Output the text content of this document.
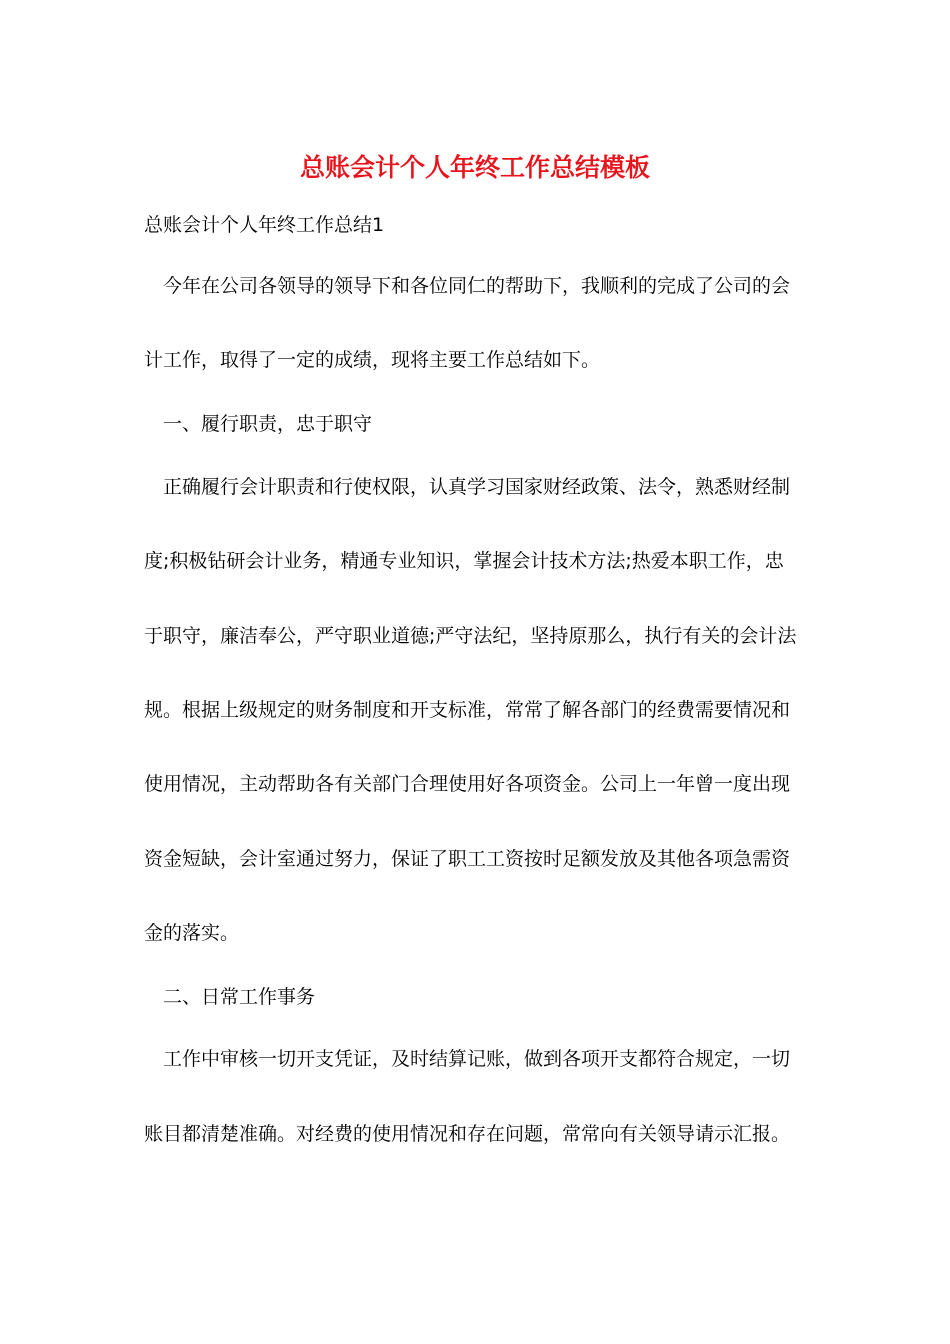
总账会计个人年终工作总结模板
总账会计个人年终工作总结1
今年在公司各领导的领导下和各位同仁的帮助下，我顺利的完成了公司的会
计工作，取得了一定的成绩，现将主要工作总结如下。
一、履行职责，忠于职守
正确履行会计职责和行使权限，认真学习国家财经政策、法令，熟悉财经制
度;积极钻研会计业务，精通专业知识，掌握会计技术方法;热爱本职工作，忠
于职守，廉洁奉公，严守职业道德;严守法纪，坚持原那么，执行有关的会计法
规。根据上级规定的财务制度和开支标准，常常了解各部门的经费需要情况和
使用情况，主动帮助各有关部门合理使用好各项资金。公司上一年曾一度出现
资金短缺，会计室通过努力，保证了职工工资按时足额发放及其他各项急需资
金的落实。
二、日常工作事务
工作中审核一切开支凭证，及时结算记账，做到各项开支都符合规定，一切
账目都清楚准确。对经费的使用情况和存在问题，常常向有关领导请示汇报。
